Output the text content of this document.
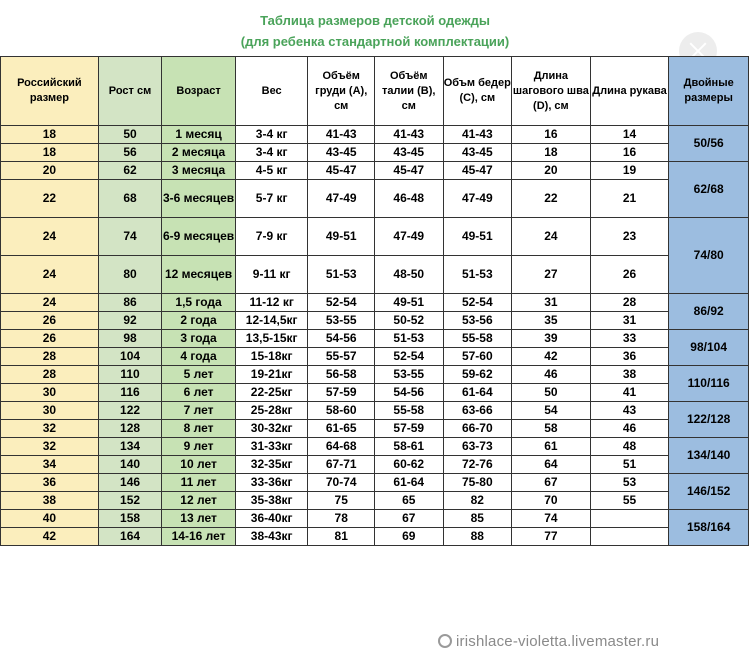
Таблица размеров детской одежды
(для ребенка стандартной комплектации)
Российский размер	Рост см	Возраст	Вес	Объём груди (A), см	Объём талии (B), см	Объм бедер (C), см	Длина шагового шва (D), см	Длина рукава	Двойные размеры
18	50	1 месяц	3-4 кг	41-43	41-43	41-43	16	14	50/56
18	56	2 месяца	3-4 кг	43-45	43-45	43-45	18	16	
20	62	3 месяца	4-5 кг	45-47	45-47	45-47	20	19	62/68
22	68	3-6 месяцев	5-7 кг	47-49	46-48	47-49	22	21	
24	74	6-9 месяцев	7-9 кг	49-51	47-49	49-51	24	23	74/80
24	80	12 месяцев	9-11 кг	51-53	48-50	51-53	27	26	
24	86	1,5 года	11-12 кг	52-54	49-51	52-54	31	28	86/92
26	92	2 года	12-14,5кг	53-55	50-52	53-56	35	31	
26	98	3 года	13,5-15кг	54-56	51-53	55-58	39	33	98/104
28	104	4 года	15-18кг	55-57	52-54	57-60	42	36	
28	110	5 лет	19-21кг	56-58	53-55	59-62	46	38	110/116
30	116	6 лет	22-25кг	57-59	54-56	61-64	50	41	
30	122	7 лет	25-28кг	58-60	55-58	63-66	54	43	122/128
32	128	8 лет	30-32кг	61-65	57-59	66-70	58	46	
32	134	9 лет	31-33кг	64-68	58-61	63-73	61	48	134/140
34	140	10 лет	32-35кг	67-71	60-62	72-76	64	51	
36	146	11 лет	33-36кг	70-74	61-64	75-80	67	53	146/152
38	152	12 лет	35-38кг	75	65	82	70	55	
40	158	13 лет	36-40кг	78	67	85	74		158/164
42	164	14-16 лет	38-43кг	81	69	88	77		
irishlace-violetta.livemaster.ru
